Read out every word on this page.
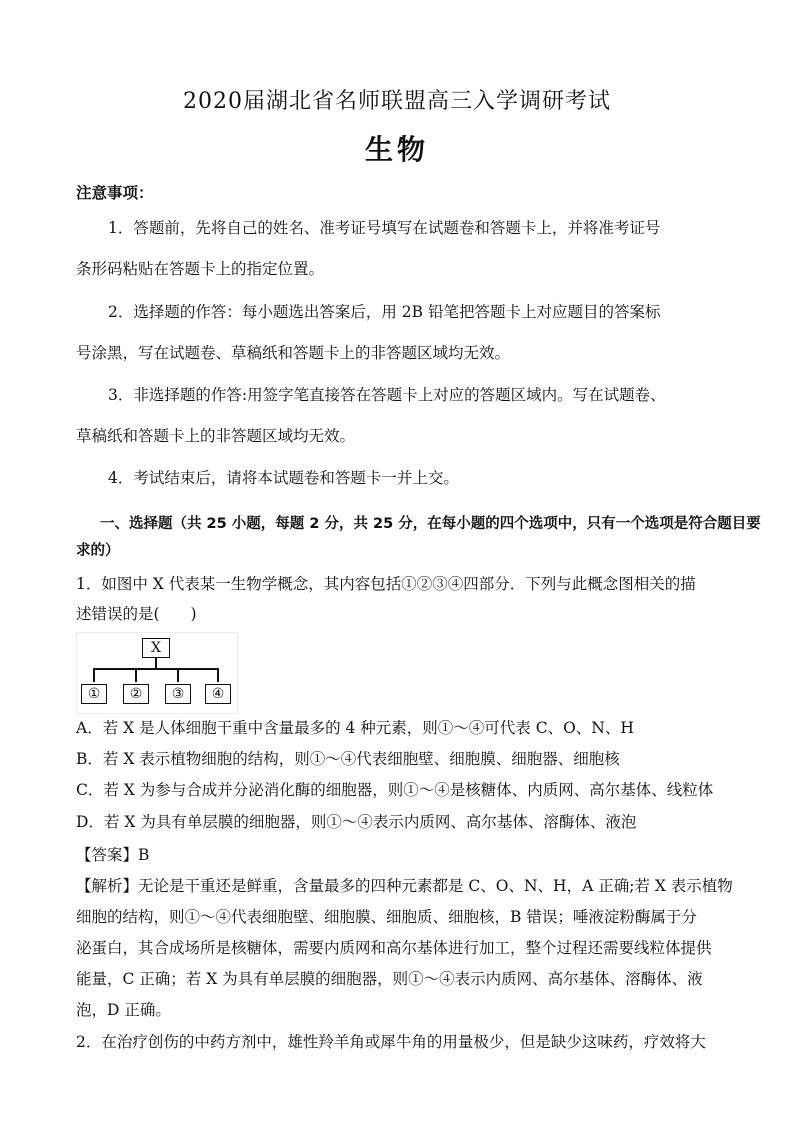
2020届湖北省名师联盟高三入学调研考试
生物
注意事项：
1．答题前，先将自己的姓名、准考证号填写在试题卷和答题卡上，并将准考证号
条形码粘贴在答题卡上的指定位置。
2．选择题的作答：每小题选出答案后，用 2B 铅笔把答题卡上对应题目的答案标
号涂黑，写在试题卷、草稿纸和答题卡上的非答题区域均无效。
3．非选择题的作答:用签字笔直接答在答题卡上对应的答题区域内。写在试题卷、
草稿纸和答题卡上的非答题区域均无效。
4．考试结束后，请将本试题卷和答题卡一并上交。
一、选择题（共 25 小题，每题 2 分，共 25 分，在每小题的四个选项中，只有一个选项是符合题目要
求的）
1．如图中 X 代表某一生物学概念，其内容包括①②③④四部分．下列与此概念图相关的描
述错误的是(　　)
X
①	②	③	④
A．若 X 是人体细胞干重中含量最多的 4 种元素，则①～④可代表 C、O、N、H
B．若 X 表示植物细胞的结构，则①～④代表细胞壁、细胞膜、细胞器、细胞核
C．若 X 为参与合成并分泌消化酶的细胞器，则①～④是核糖体、内质网、高尔基体、线粒体
D．若 X 为具有单层膜的细胞器，则①～④表示内质网、高尔基体、溶酶体、液泡
【答案】B
【解析】无论是干重还是鲜重，含量最多的四种元素都是 C、O、N、H，A 正确;若 X 表示植物
细胞的结构，则①～④代表细胞壁、细胞膜、细胞质、细胞核，B 错误；唾液淀粉酶属于分
泌蛋白，其合成场所是核糖体，需要内质网和高尔基体进行加工，整个过程还需要线粒体提供
能量，C 正确；若 X 为具有单层膜的细胞器，则①～④表示内质网、高尔基体、溶酶体、液
泡，D 正确。
2．在治疗创伤的中药方剂中，雄性羚羊角或犀牛角的用量极少，但是缺少这味药，疗效将大
